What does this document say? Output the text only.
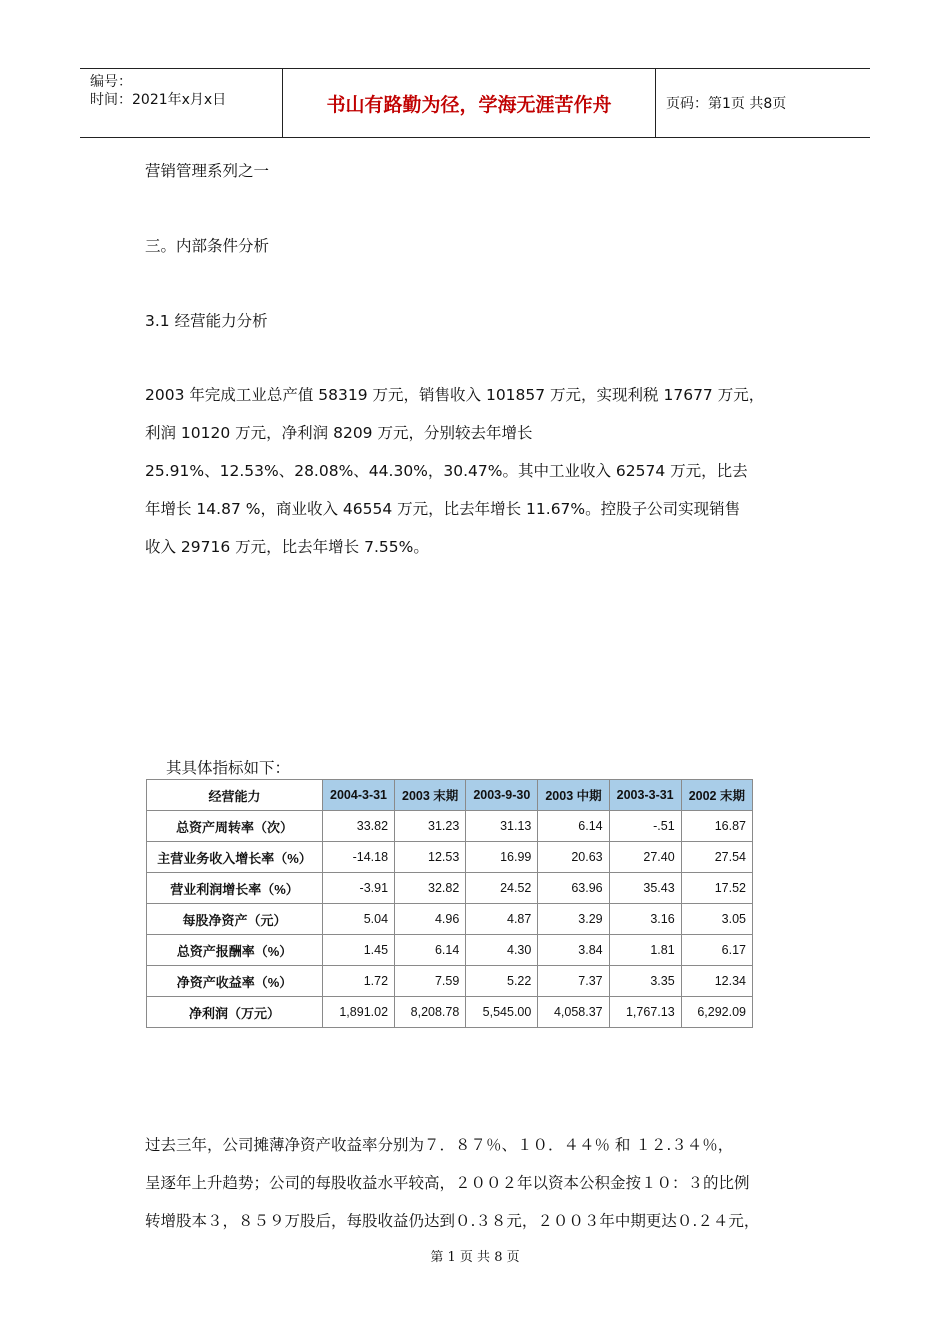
编号：
时间：2021年x月x日	书山有路勤为径，学海无涯苦作舟	页码：第1页 共8页
营销管理系列之一
三。内部条件分析
3.1 经营能力分析
2003 年完成工业总产值 58319 万元，销售收入 101857 万元，实现利税 17677 万元，
利润 10120 万元，净利润 8209 万元，分别较去年增长
25.91%、12.53%、28.08%、44.30%，30.47%。其中工业收入 62574 万元，比去
年增长 14.87 %，商业收入 46554 万元，比去年增长 11.67%。控股子公司实现销售
收入 29716 万元，比去年增长 7.55%。
其具体指标如下：
经营能力	2004-3-31	2003 末期	2003-9-30	2003 中期	2003-3-31	2002 末期
总资产周转率（次）	33.82	31.23	31.13	6.14	-.51	16.87
主营业务收入增长率（%）	-14.18	12.53	16.99	20.63	27.40	27.54
营业利润增长率（%）	-3.91	32.82	24.52	63.96	35.43	17.52
每股净资产（元）	5.04	4.96	4.87	3.29	3.16	3.05
总资产报酬率（%）	1.45	6.14	4.30	3.84	1.81	6.17
净资产收益率（%）	1.72	7.59	5.22	7.37	3.35	12.34
净利润（万元）	1,891.02	8,208.78	5,545.00	4,058.37	1,767.13	6,292.09
过去三年，公司摊薄净资产收益率分别为７．８７％、１０．４４％ 和 １２.３４％，
呈逐年上升趋势；公司的每股收益水平较高，２００２年以资本公积金按１０：３的比例
转增股本３，８５９万股后，每股收益仍达到０.３８元，２００３年中期更达０.２４元，
第 1 页 共 8 页
